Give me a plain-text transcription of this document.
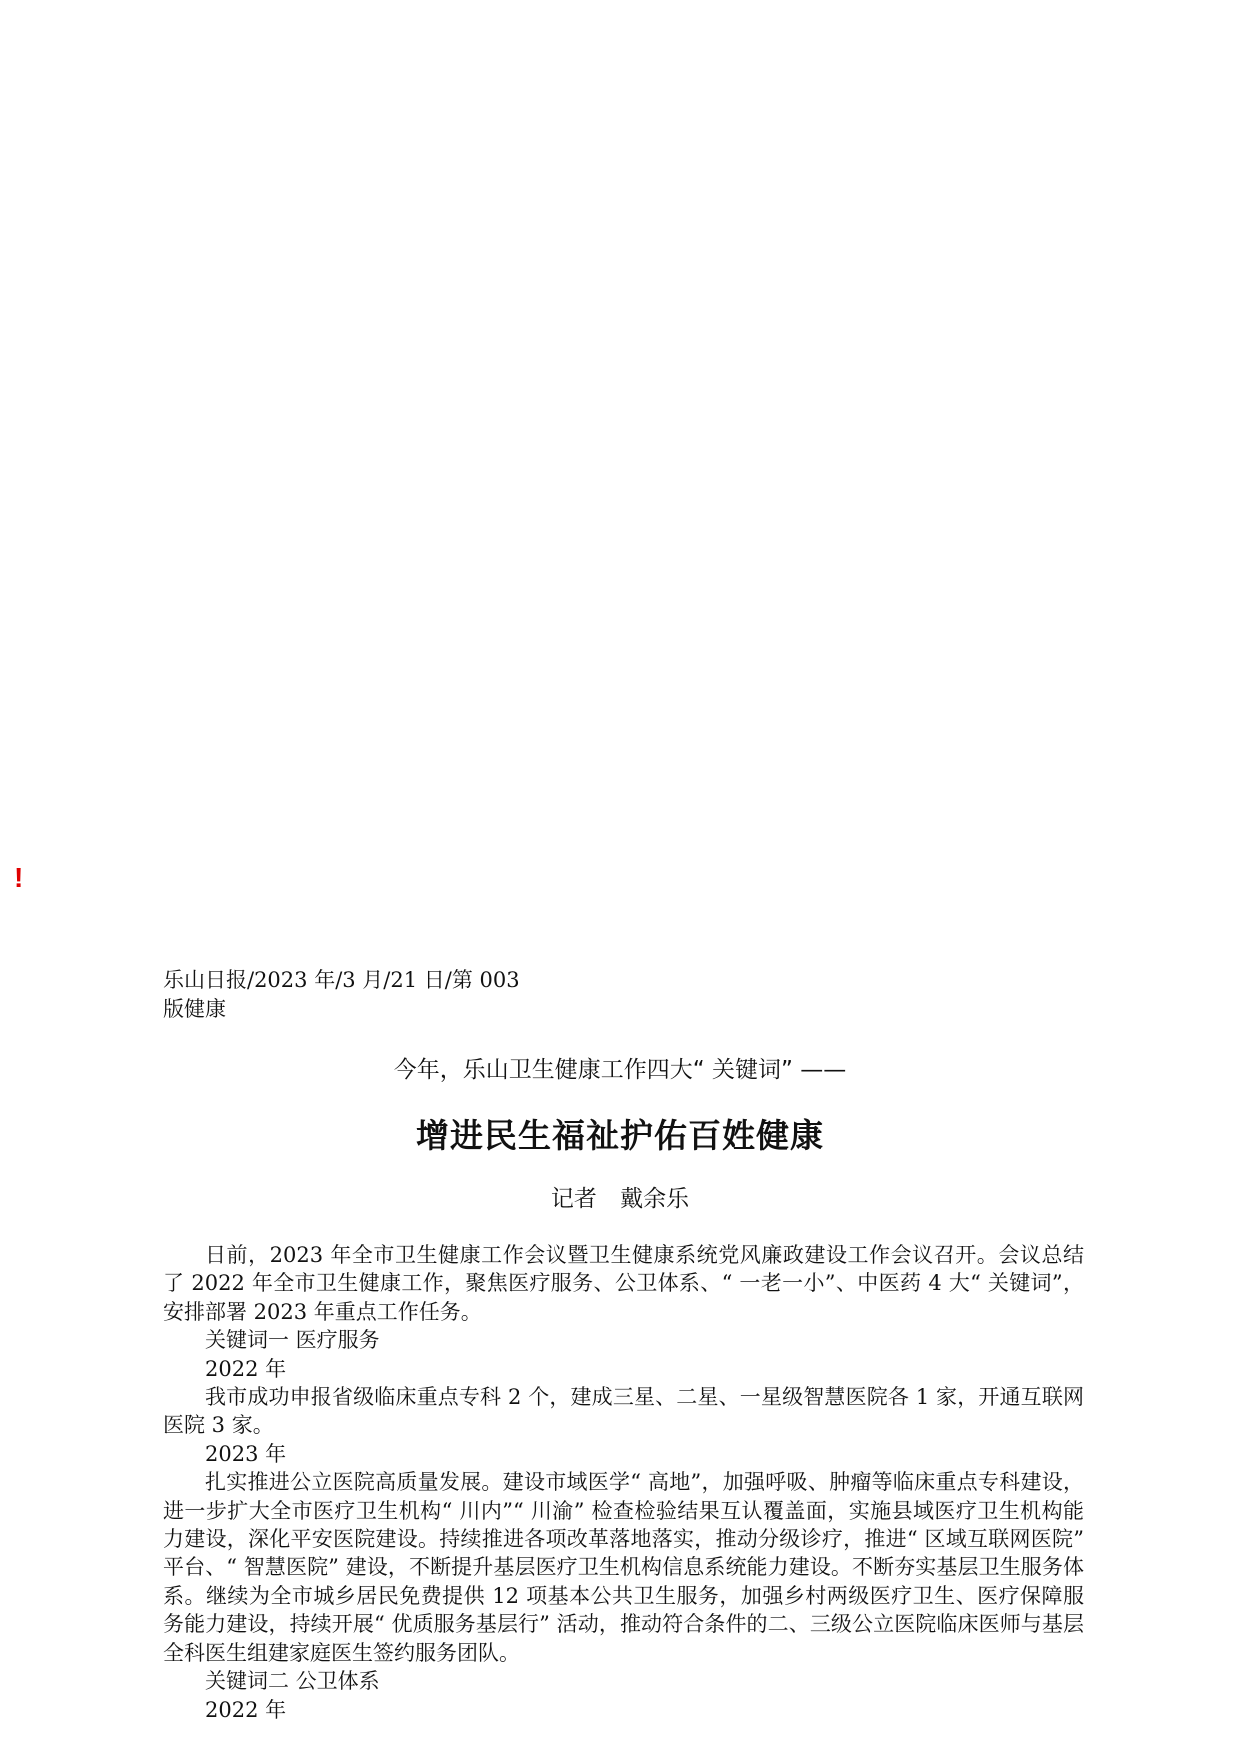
!
乐山日报/2023 年/3 月/21 日/第 003
版健康
今年，乐山卫生健康工作四大“ 关键词” ——
增进民生福祉护佑百姓健康
记者 戴余乐

日前，2023 年全市卫生健康工作会议暨卫生健康系统党风廉政建设工作会议召开。会议总结了 2022 年全市卫生健康工作，聚焦医疗服务、公卫体系、“ 一老一小”、中医药 4 大“ 关键词”，安排部署 2023 年重点工作任务。

关键词一 医疗服务

2022 年

我市成功申报省级临床重点专科 2 个，建成三星、二星、一星级智慧医院各 1 家，开通互联网医院 3 家。

2023 年

扎实推进公立医院高质量发展。建设市域医学“ 高地”，加强呼吸、肿瘤等临床重点专科建设，进一步扩大全市医疗卫生机构“ 川内”“ 川渝” 检查检验结果互认覆盖面，实施县域医疗卫生机构能力建设，深化平安医院建设。持续推进各项改革落地落实，推动分级诊疗，推进“ 区域互联网医院” 平台、“ 智慧医院” 建设，不断提升基层医疗卫生机构信息系统能力建设。不断夯实基层卫生服务体系。继续为全市城乡居民免费提供 12 项基本公共卫生服务，加强乡村两级医疗卫生、医疗保障服务能力建设，持续开展“ 优质服务基层行” 活动，推动符合条件的二、三级公立医院临床医师与基层全科医生组建家庭医生签约服务团队。

关键词二 公卫体系

2022 年
